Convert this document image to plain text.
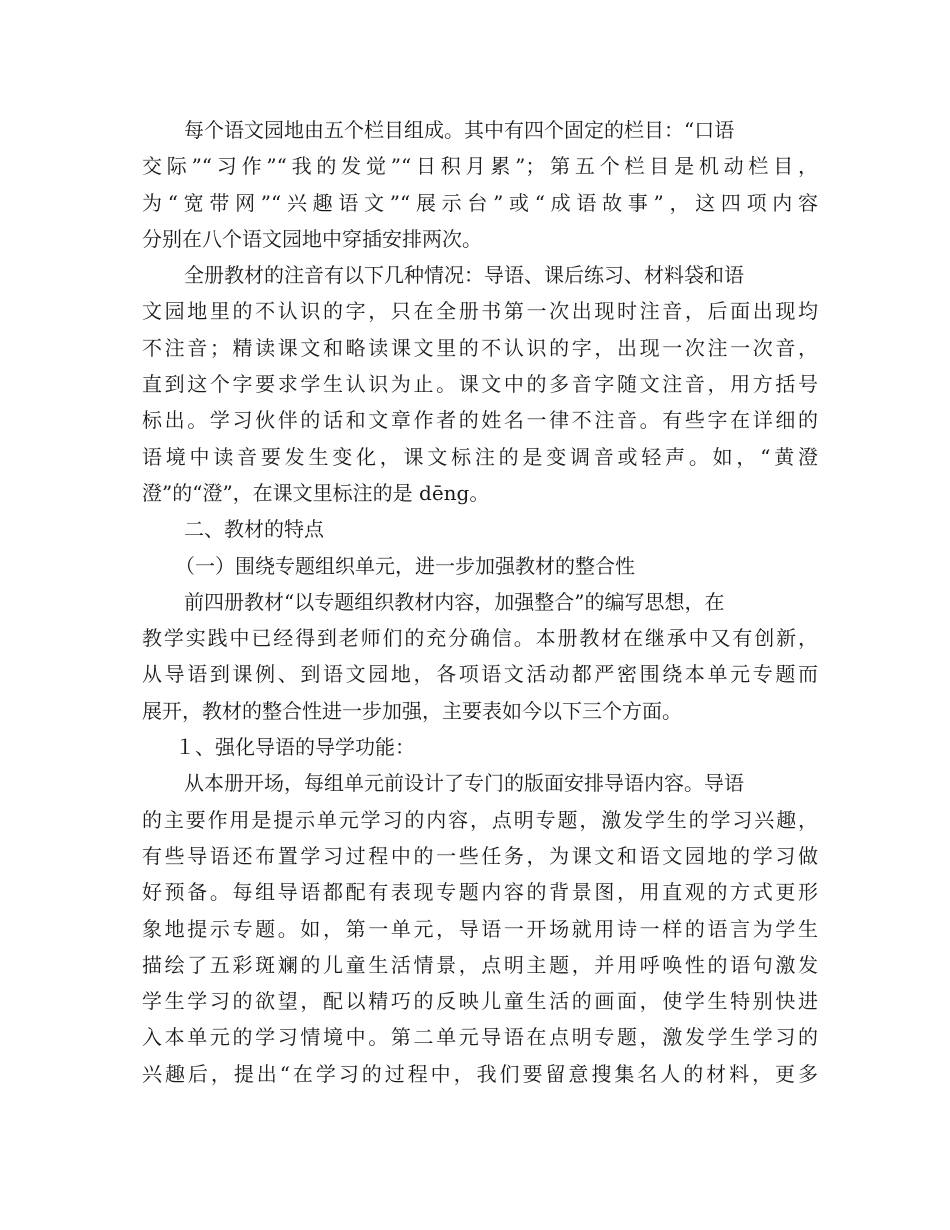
每个语文园地由五个栏目组成。其中有四个固定的栏目：“口语
交际”“习作”“我的发觉”“日积月累”；第五个栏目是机动栏目，
为“宽带网”“兴趣语文”“展示台”或“成语故事”，这四项内容
分别在八个语文园地中穿插安排两次。
全册教材的注音有以下几种情况：导语、课后练习、材料袋和语
文园地里的不认识的字，只在全册书第一次出现时注音，后面出现均
不注音；精读课文和略读课文里的不认识的字，出现一次注一次音，
直到这个字要求学生认识为止。课文中的多音字随文注音，用方括号
标出。学习伙伴的话和文章作者的姓名一律不注音。有些字在详细的
语境中读音要发生变化，课文标注的是变调音或轻声。如，“黄澄
澄”的“澄”，在课文里标注的是 dēng。
二、教材的特点
（一）围绕专题组织单元，进一步加强教材的整合性
前四册教材“以专题组织教材内容，加强整合”的编写思想，在
教学实践中已经得到老师们的充分确信。本册教材在继承中又有创新，
从导语到课例、到语文园地，各项语文活动都严密围绕本单元专题而
展开，教材的整合性进一步加强，主要表如今以下三个方面。
１、强化导语的导学功能：
从本册开场，每组单元前设计了专门的版面安排导语内容。导语
的主要作用是提示单元学习的内容，点明专题，激发学生的学习兴趣，
有些导语还布置学习过程中的一些任务，为课文和语文园地的学习做
好预备。每组导语都配有表现专题内容的背景图，用直观的方式更形
象地提示专题。如，第一单元，导语一开场就用诗一样的语言为学生
描绘了五彩斑斓的儿童生活情景，点明主题，并用呼唤性的语句激发
学生学习的欲望，配以精巧的反映儿童生活的画面，使学生特别快进
入本单元的学习情境中。第二单元导语在点明专题，激发学生学习的
兴趣后，提出“在学习的过程中，我们要留意搜集名人的材料，更多
